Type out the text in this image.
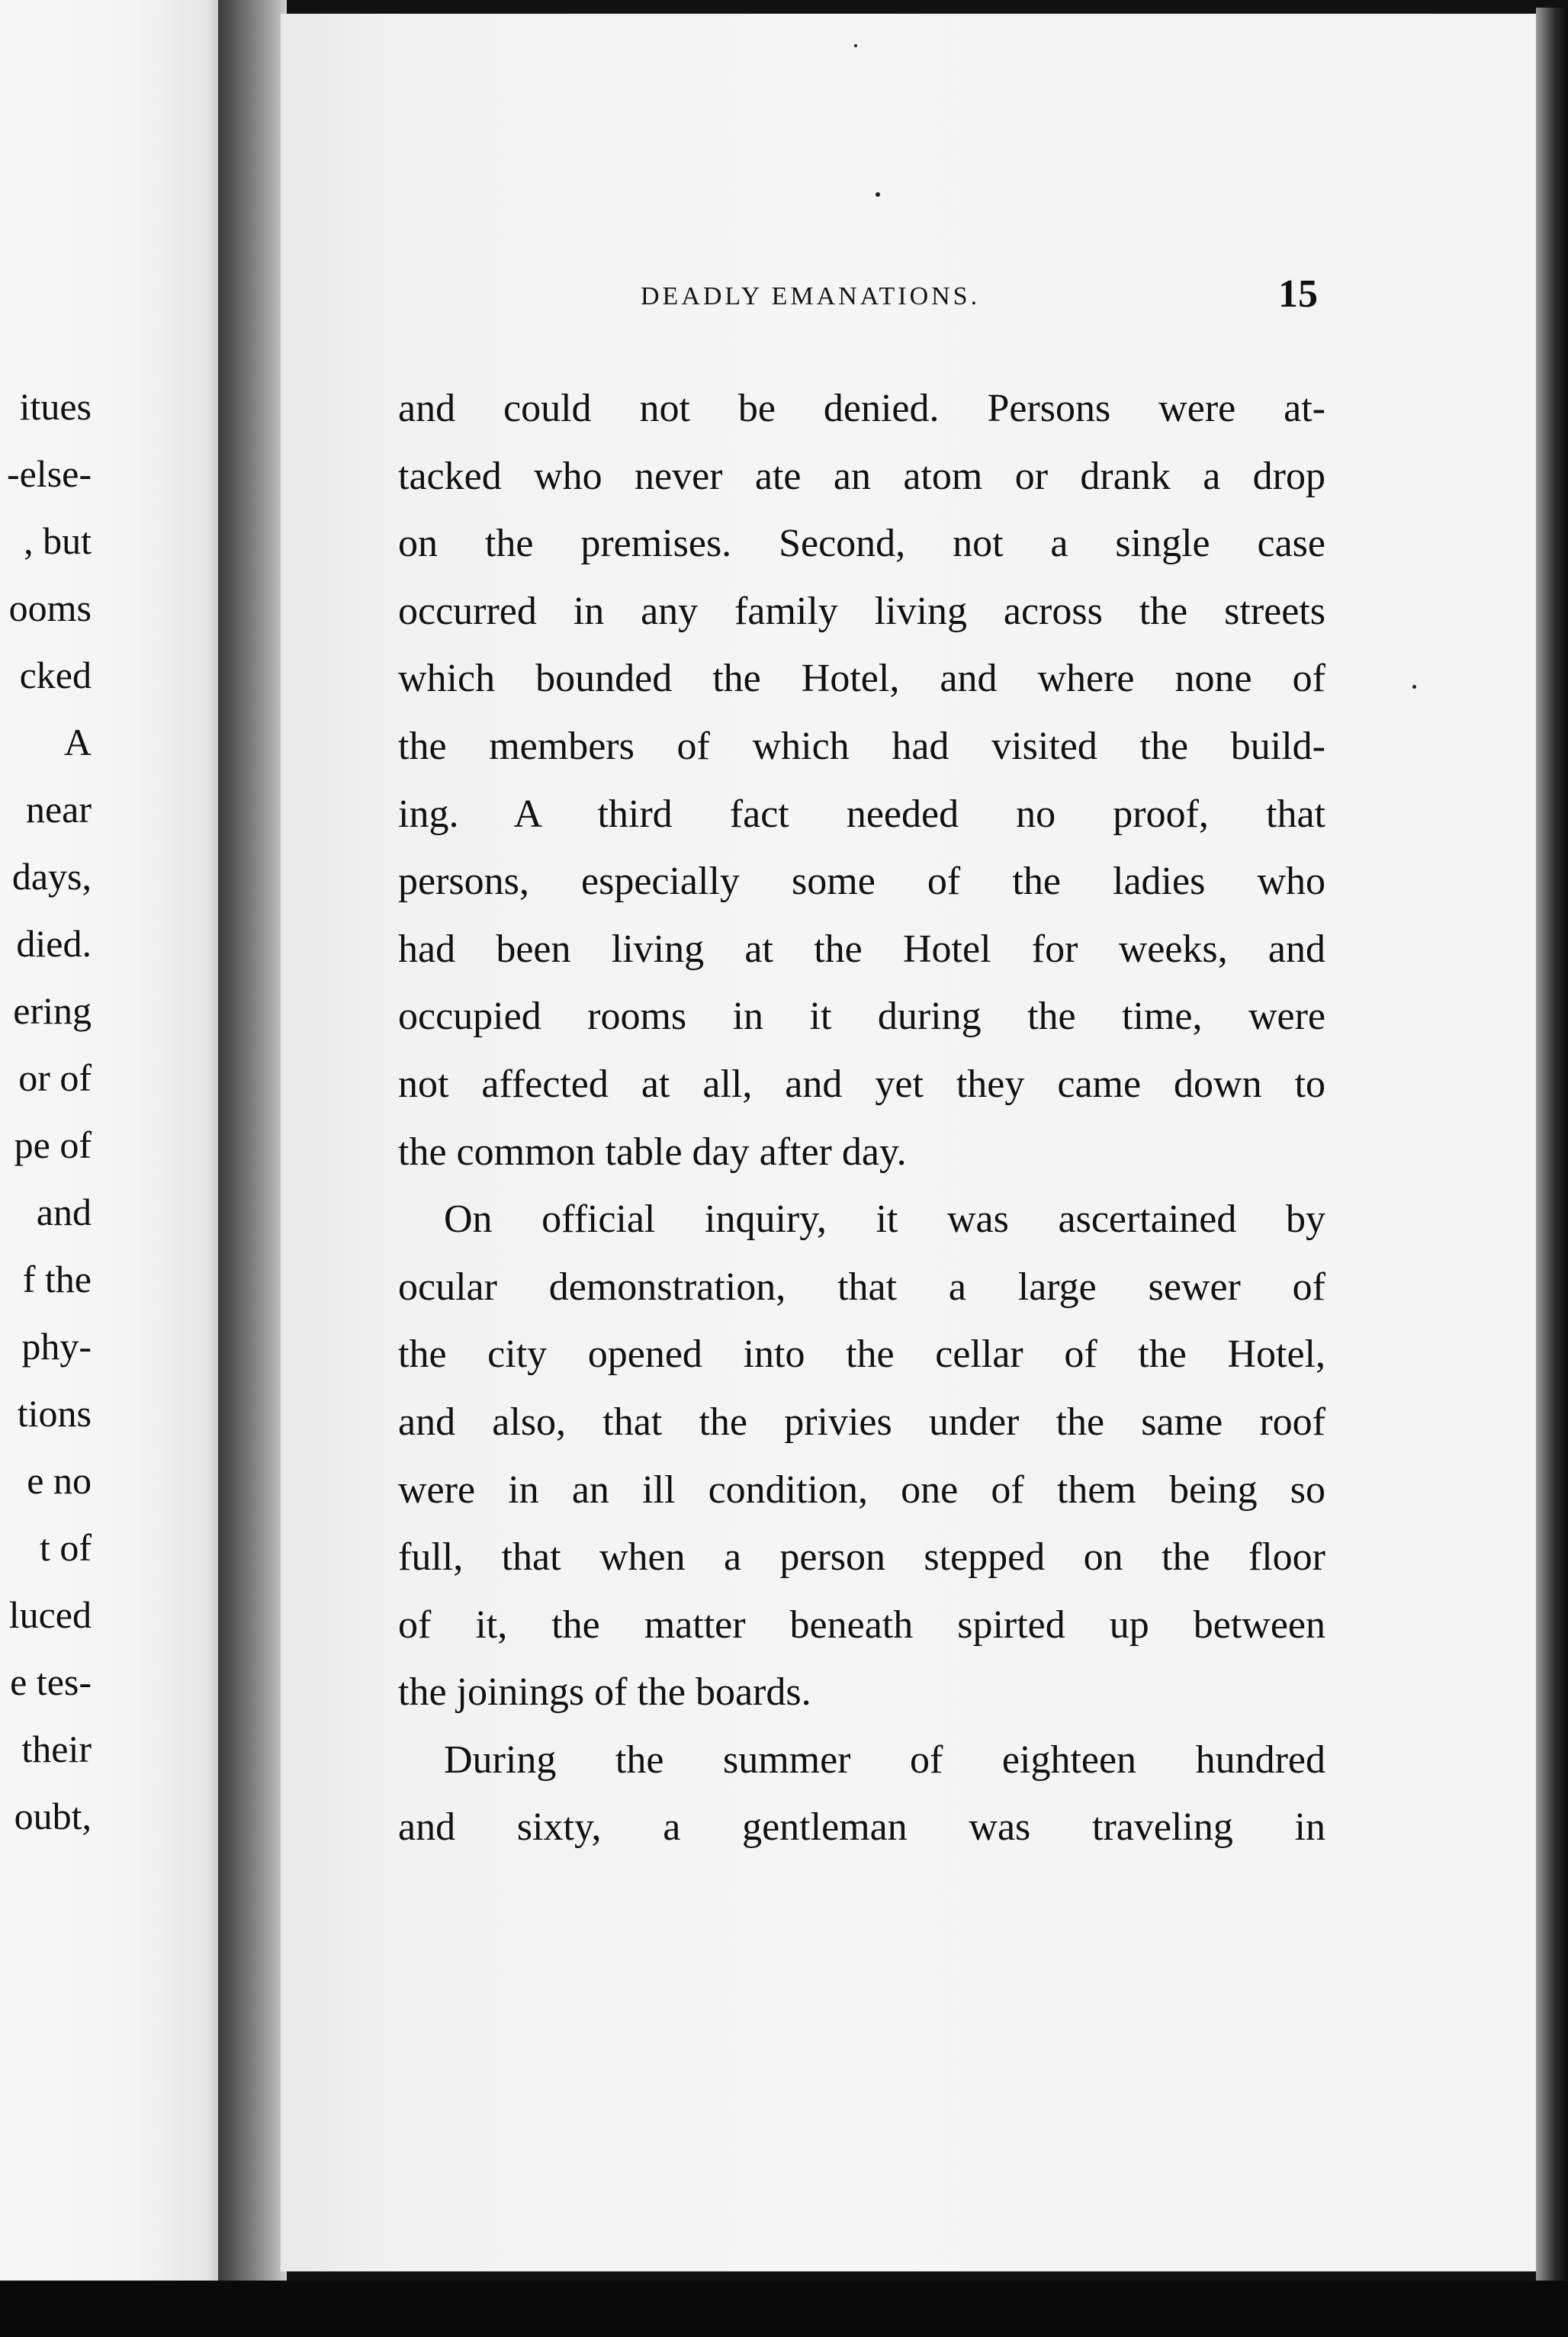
itues
-else-
, but
ooms
cked
A
near
days,
died.
ering
or of
pe of
and
f the
phy-
tions
e no
t of
luced
e tes-
their
oubt,
DEADLY EMANATIONS.	15
and could not be denied. Persons were at-
tacked who never ate an atom or drank a drop
on the premises. Second, not a single case
occurred in any family living across the streets
which bounded the Hotel, and where none of
the members of which had visited the build-
ing. A third fact needed no proof, that
persons, especially some of the ladies who
had been living at the Hotel for weeks, and
occupied rooms in it during the time, were
not affected at all, and yet they came down to
the common table day after day.
On official inquiry, it was ascertained by
ocular demonstration, that a large sewer of
the city opened into the cellar of the Hotel,
and also, that the privies under the same roof
were in an ill condition, one of them being so
full, that when a person stepped on the floor
of it, the matter beneath spirted up between
the joinings of the boards.
During the summer of eighteen hundred
and sixty, a gentleman was traveling in
